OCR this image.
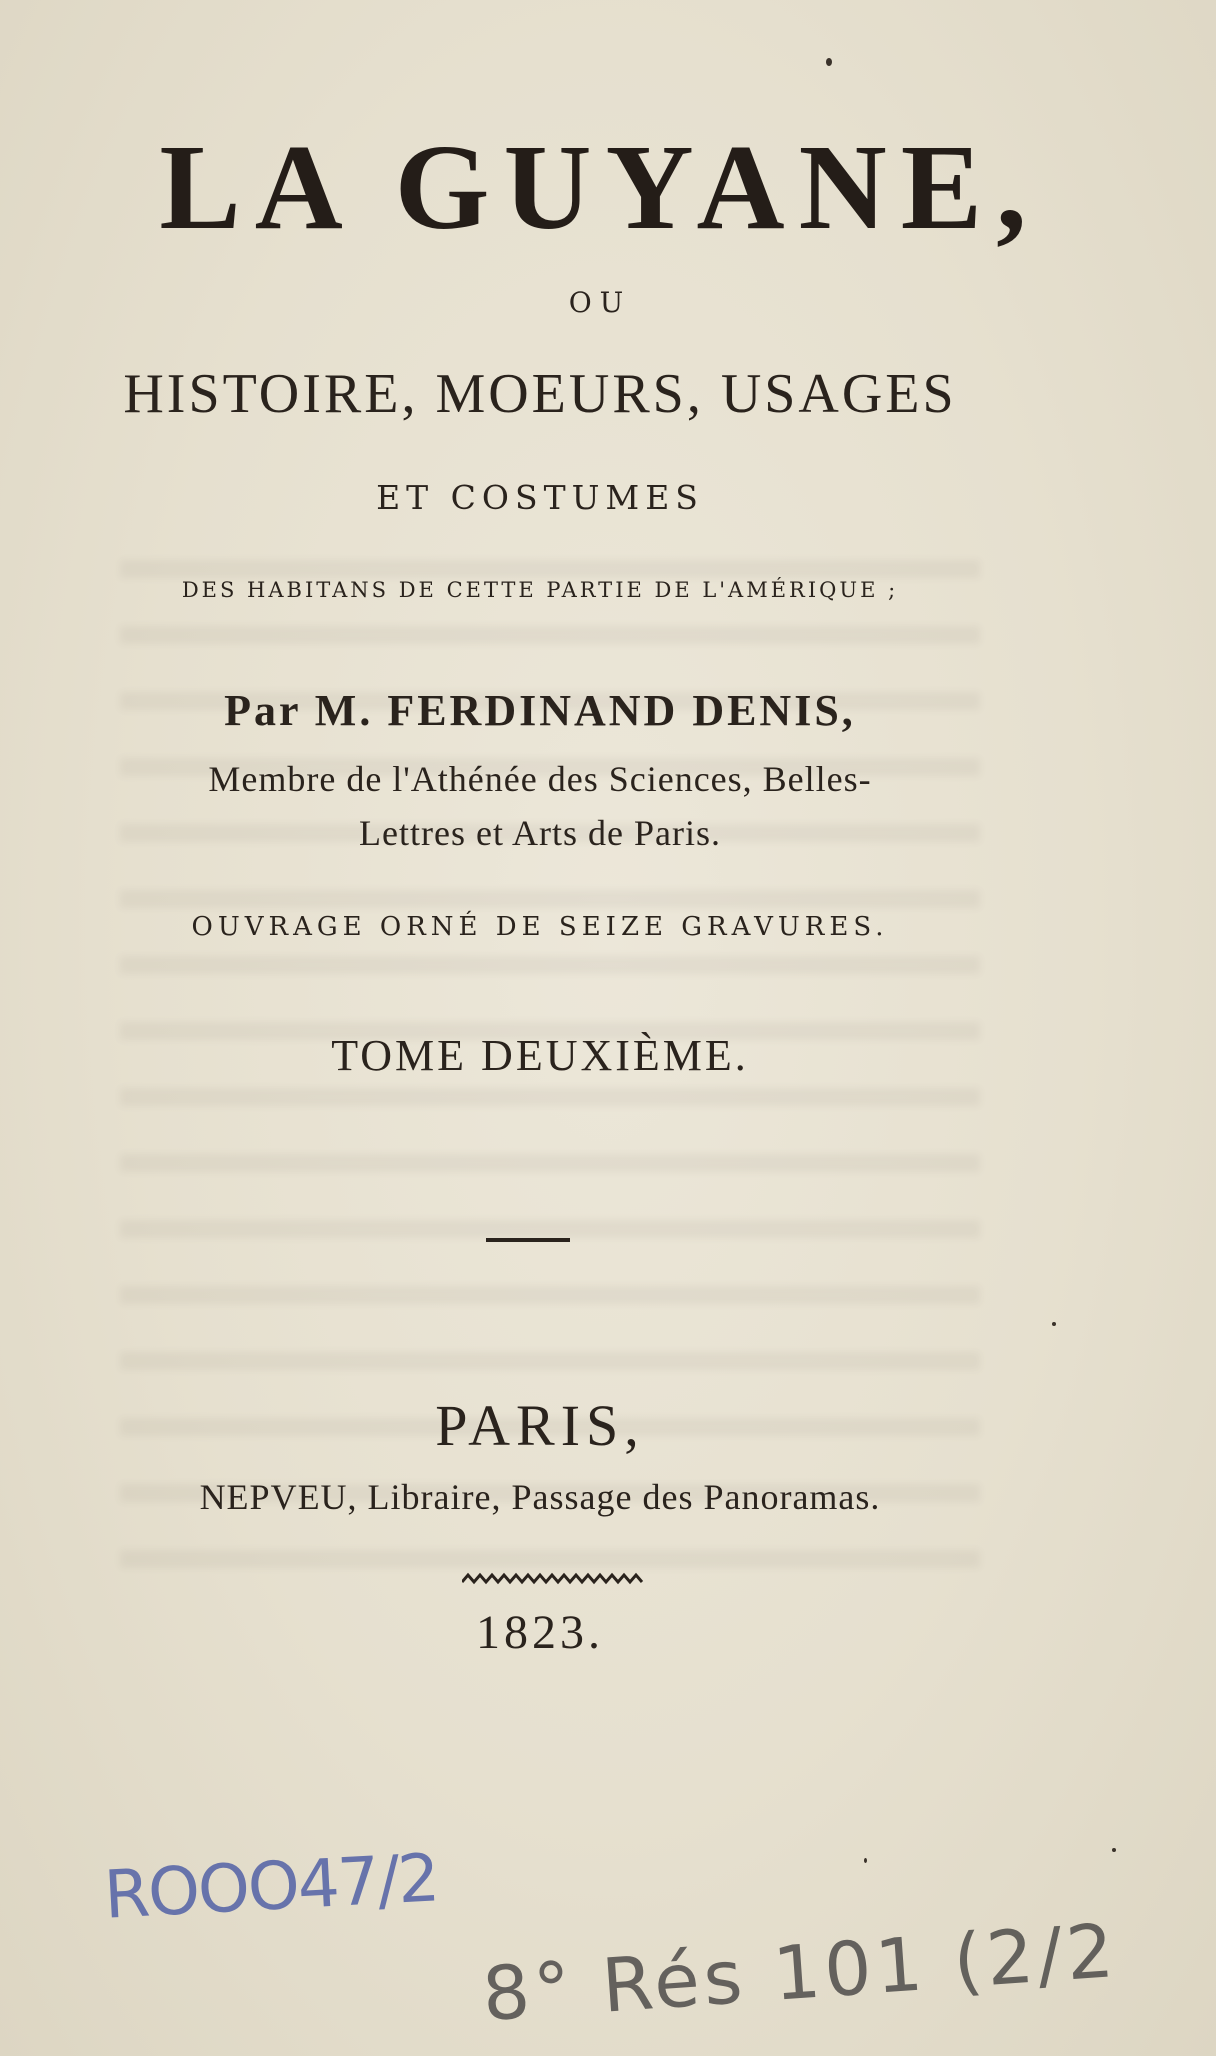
LA GUYANE,
OU
HISTOIRE, MOEURS, USAGES
ET COSTUMES
DES HABITANS DE CETTE PARTIE DE L'AMÉRIQUE ;
Par M. FERDINAND DENIS,
Membre de l'Athénée des Sciences, Belles-
Lettres et Arts de Paris.
OUVRAGE ORNÉ DE SEIZE GRAVURES.
TOME DEUXIÈME.
PARIS,
NEPVEU, Libraire, Passage des Panoramas.
1823.
ROOO47/2
8° Rés 101 (2/2
